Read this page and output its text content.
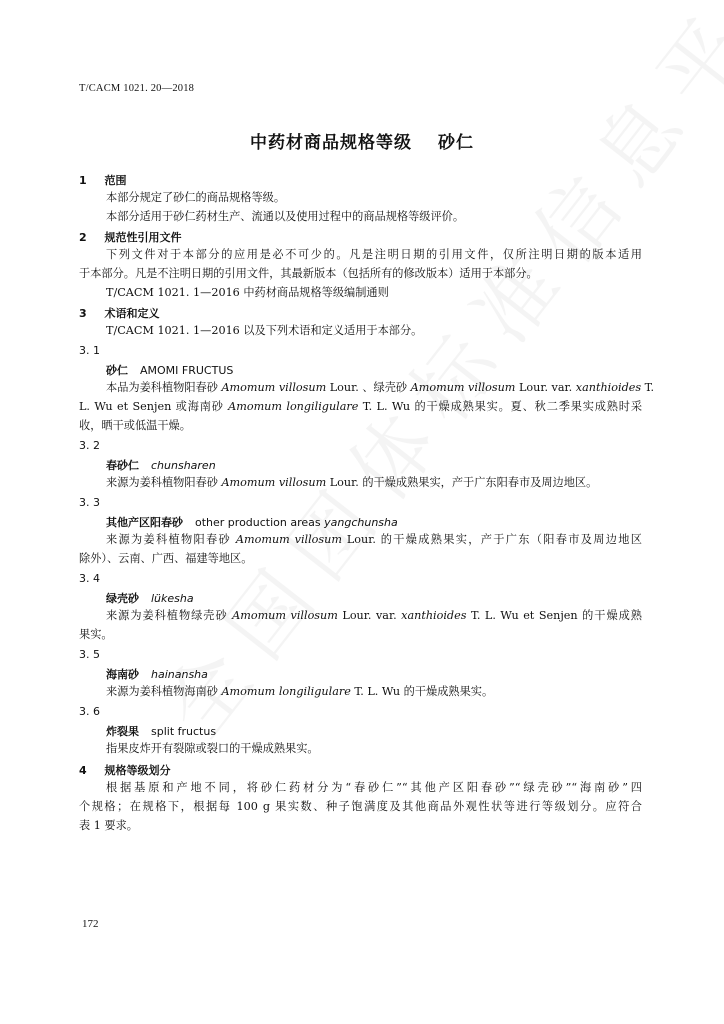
T/CACM 1021. 20—2018
中药材商品规格等级 砂仁
1 范围
本部分规定了砂仁的商品规格等级。
本部分适用于砂仁药材生产、流通以及使用过程中的商品规格等级评价。
2 规范性引用文件
下列文件对于本部分的应用是必不可少的。凡是注明日期的引用文件，仅所注明日期的版本适用
于本部分。凡是不注明日期的引用文件，其最新版本（包括所有的修改版本）适用于本部分。
T/CACM 1021. 1—2016 中药材商品规格等级编制通则
3 术语和定义
T/CACM 1021. 1—2016 以及下列术语和定义适用于本部分。
3. 1
砂仁 AMOMI FRUCTUS
本品为姜科植物阳春砂 Amomum villosum Lour. 、绿壳砂 Amomum villosum Lour. var. xanthioides T.
L. Wu et Senjen 或海南砂 Amomum longiligulare T. L. Wu 的干燥成熟果实。夏、秋二季果实成熟时采
收，晒干或低温干燥。
3. 2
春砂仁 chunsharen
来源为姜科植物阳春砂 Amomum villosum Lour. 的干燥成熟果实，产于广东阳春市及周边地区。
3. 3
其他产区阳春砂 other production areas yangchunsha
来源为姜科植物阳春砂 Amomum villosum Lour. 的干燥成熟果实，产于广东（阳春市及周边地区
除外）、云南、广西、福建等地区。
3. 4
绿壳砂 lükesha
来源为姜科植物绿壳砂 Amomum villosum Lour. var. xanthioides T. L. Wu et Senjen 的干燥成熟
果实。
3. 5
海南砂 hainansha
来源为姜科植物海南砂 Amomum longiligulare T. L. Wu 的干燥成熟果实。
3. 6
炸裂果 split fructus
指果皮炸开有裂隙或裂口的干燥成熟果实。
4 规格等级划分
根据基原和产地不同，将砂仁药材分为“春砂仁”“其他产区阳春砂”“绿壳砂”“海南砂”四
个规格；在规格下，根据每 100 g 果实数、种子饱满度及其他商品外观性状等进行等级划分。应符合
表 1 要求。
172
